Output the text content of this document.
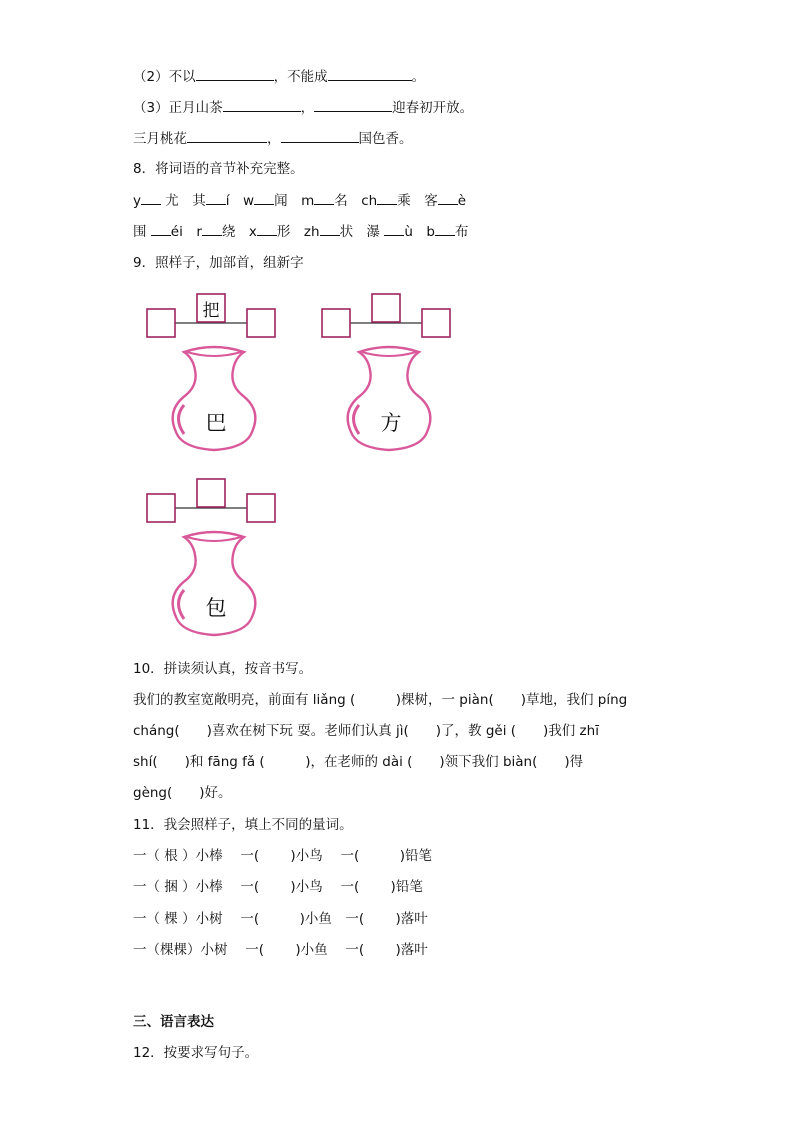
（2）不以	，不能成	。
（3）正月山茶	，	迎春初开放。
三月桃花	，	国色香。
8．将词语的音节补充完整。
y 尤　其 í　w 闻　m 名　ch 乘　客 è
围 éi　r 绕　x 形　zh 状　瀑 ù　b 布
9．照样子，加部首，组新字
把
巴	方
包
10．拼读须认真，按音书写。
我们的教室宽敞明亮，前面有 liǎng (　　　)棵树，一 piàn(　　)草地，我们 píng
cháng(　　)喜欢在树下玩 耍。老师们认真 jì(　　)了，教 gěi (　　)我们 zhī
shí(　　)和 fāng fǎ (　　　)，在老师的 dài (　　)领下我们 biàn(　　)得
gèng(　　)好。
11．我会照样子，填上不同的量词。
一（ 根 ）小棒　 一(　　 )小鸟　 一(　　　)铅笔
一（ 捆 ）小棒　 一(　　 )小鸟　 一(　　 )铅笔
一（ 棵 ）小树　 一(　　　)小鱼　一(　　 )落叶
一（棵棵）小树　 一(　　 )小鱼　 一(　　 )落叶
三、语言表达
12．按要求写句子。
